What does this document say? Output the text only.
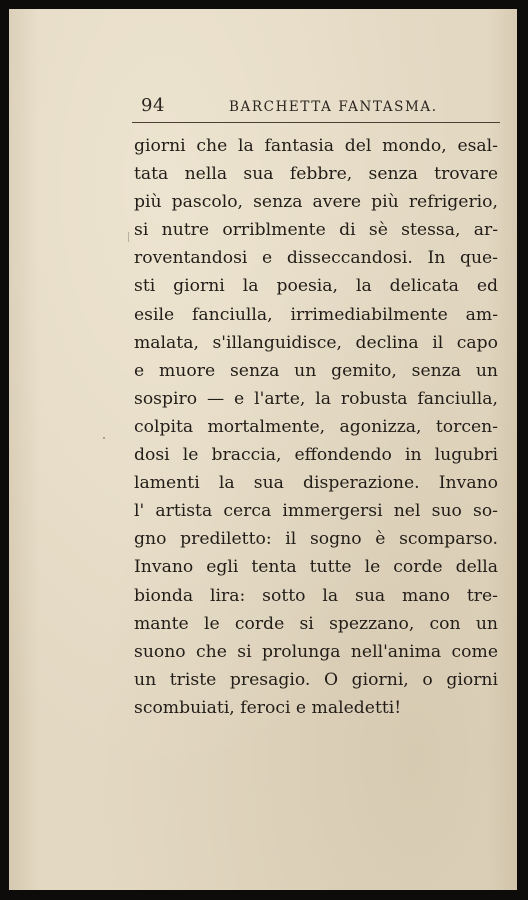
94	BARCHETTA FANTASMA.
giorni che la fantasia del mondo, esal-
tata nella sua febbre, senza trovare
più pascolo, senza avere più refrigerio,
si nutre orriblmente di sè stessa, ar-
roventandosi e disseccandosi. In que-
sti giorni la poesia, la delicata ed
esile fanciulla, irrimediabilmente am-
malata, s'illanguidisce, declina il capo
e muore senza un gemito, senza un
sospiro — e l'arte, la robusta fanciulla,
colpita mortalmente, agonizza, torcen-
dosi le braccia, effondendo in lugubri
lamenti la sua disperazione. Invano
l' artista cerca immergersi nel suo so-
gno prediletto: il sogno è scomparso.
Invano egli tenta tutte le corde della
bionda lira: sotto la sua mano tre-
mante le corde si spezzano, con un
suono che si prolunga nell'anima come
un triste presagio. O giorni, o giorni
scombuiati, feroci e maledetti!
